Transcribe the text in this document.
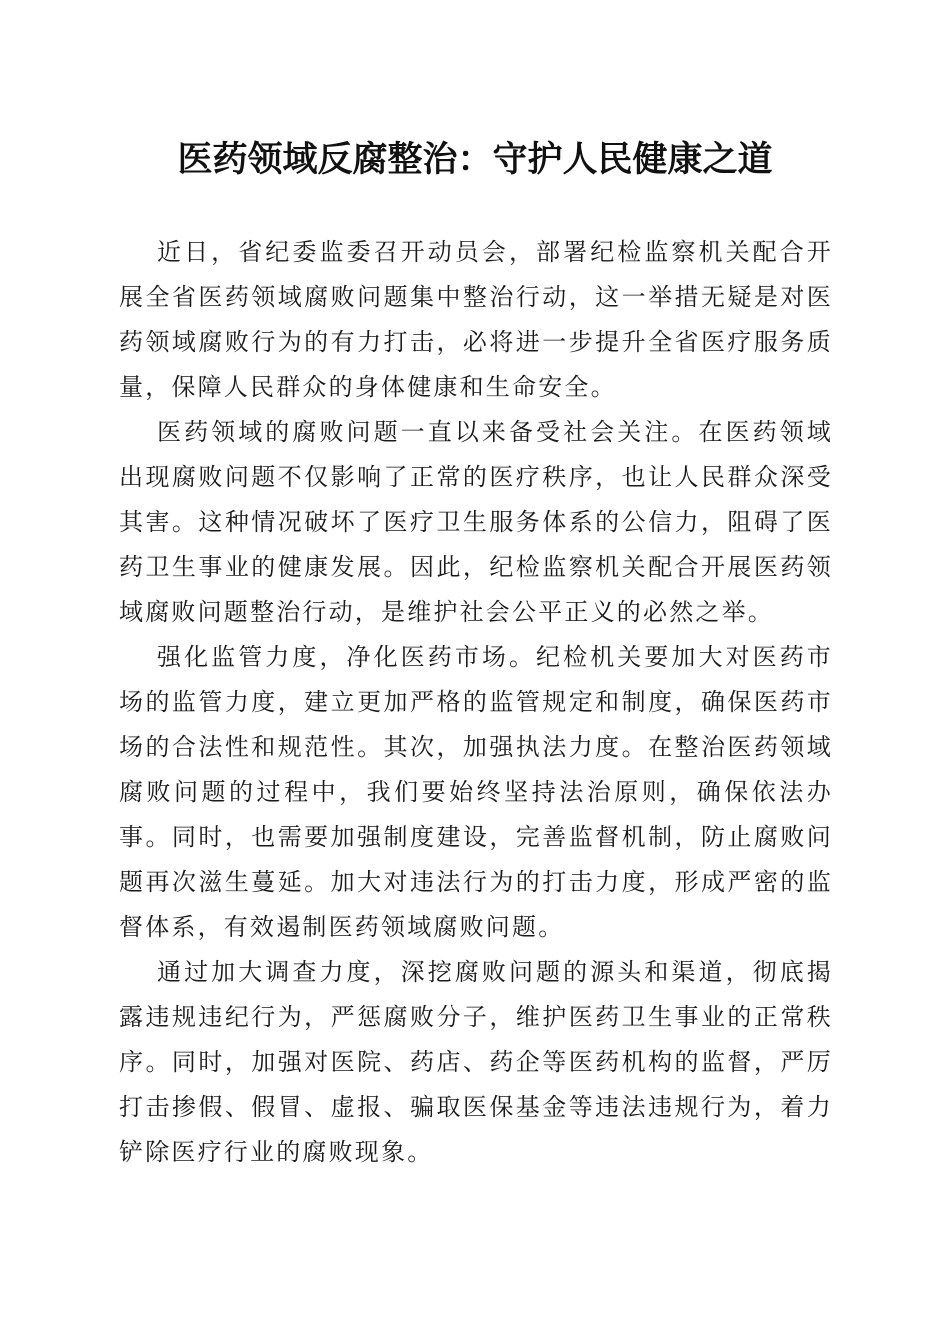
医药领域反腐整治：守护人民健康之道

近日，省纪委监委召开动员会，部署纪检监察机关配合开展全省医药领域腐败问题集中整治行动，这一举措无疑是对医药领域腐败行为的有力打击，必将进一步提升全省医疗服务质量，保障人民群众的身体健康和生命安全。

医药领域的腐败问题一直以来备受社会关注。在医药领域出现腐败问题不仅影响了正常的医疗秩序，也让人民群众深受其害。这种情况破坏了医疗卫生服务体系的公信力，阻碍了医药卫生事业的健康发展。因此，纪检监察机关配合开展医药领域腐败问题整治行动，是维护社会公平正义的必然之举。

强化监管力度，净化医药市场。纪检机关要加大对医药市场的监管力度，建立更加严格的监管规定和制度，确保医药市场的合法性和规范性。其次，加强执法力度。在整治医药领域腐败问题的过程中，我们要始终坚持法治原则，确保依法办事。同时，也需要加强制度建设，完善监督机制，防止腐败问题再次滋生蔓延。加大对违法行为的打击力度，形成严密的监督体系，有效遏制医药领域腐败问题。

通过加大调查力度，深挖腐败问题的源头和渠道，彻底揭露违规违纪行为，严惩腐败分子，维护医药卫生事业的正常秩序。同时，加强对医院、药店、药企等医药机构的监督，严厉打击掺假、假冒、虚报、骗取医保基金等违法违规行为，着力铲除医疗行业的腐败现象。
